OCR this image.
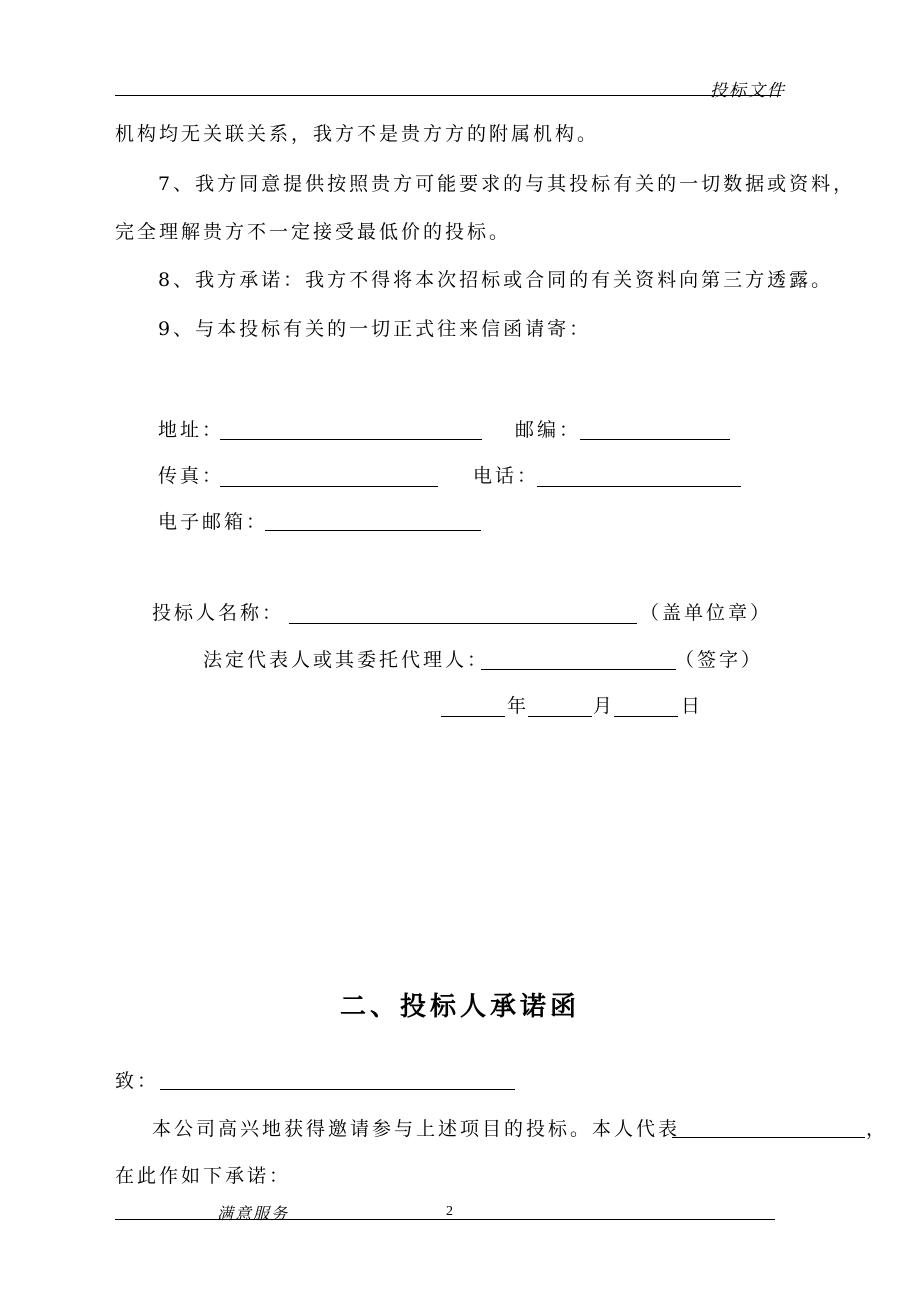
投标文件
机构均无关联关系，我方不是贵方方的附属机构。
7、我方同意提供按照贵方可能要求的与其投标有关的一切数据或资料，
完全理解贵方不一定接受最低价的投标。
8、我方承诺：我方不得将本次招标或合同的有关资料向第三方透露。
9、与本投标有关的一切正式往来信函请寄：
地址：	邮编：
传真：	电话：
电子邮箱：
投标人名称：	（盖单位章）
法定代表人或其委托代理人：	（签字）
年	月	日
二、投标人承诺函
致：
本公司高兴地获得邀请参与上述项目的投标。本人代表	，
在此作如下承诺：
满意服务	2
